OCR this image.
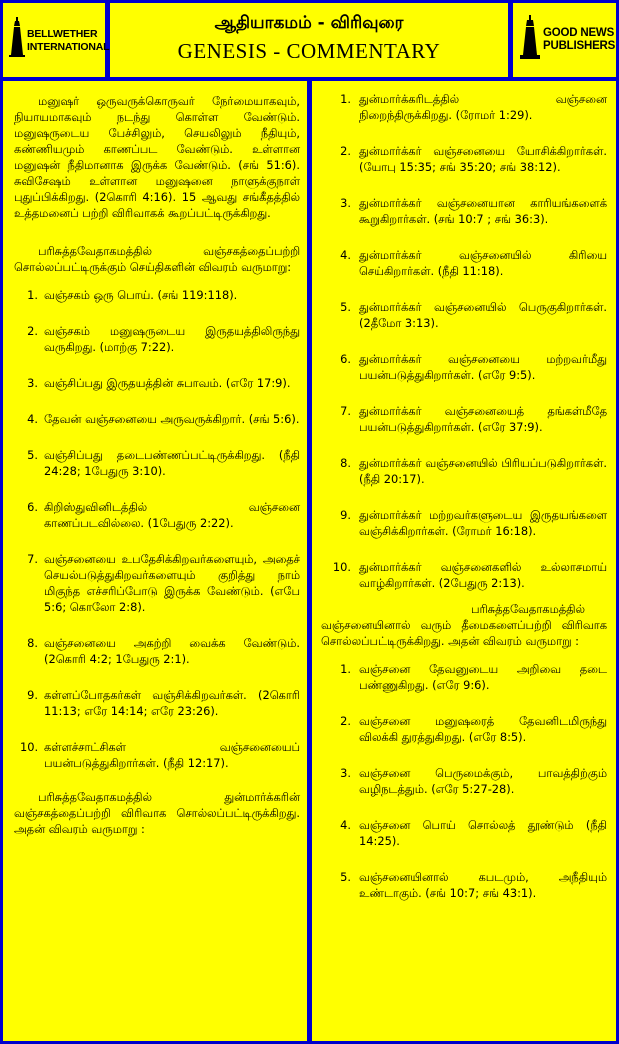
BELLWETHER INTERNATIONAL
ஆதியாகமம் - விரிவுரை
GENESIS - COMMENTARY
GOOD NEWS PUBLISHERS

மனுஷர் ஒருவருக்கொருவர் நேர்மையாகவும், நியாயமாகவும் நடந்து கொள்ள வேண்டும். மனுஷருடைய பேச்சிலும், செயலிலும் நீதியும், கண்ணியமும் காணப்பட வேண்டும். உள்ளான மனுஷன் நீதிமானாக இருக்க வேண்டும். (சங் 51:6). சுவிசேஷம் உள்ளான மனுஷனை நாளுக்குநாள் புதுப்பிக்கிறது. (2கொரி 4:16). 15 ஆவது சங்கீதத்தில் உத்தமனைப் பற்றி விரிவாகக் கூறப்பட்டிருக்கிறது.

பரிசுத்தவேதாகமத்தில் வஞ்சகத்தைப்பற்றி சொல்லப்பட்டிருக்கும் செய்திகளின் விவரம் வருமாறு:

1. வஞ்சகம் ஒரு பொய். (சங் 119:118).
2. வஞ்சகம் மனுஷருடைய இருதயத்திலிருந்து வருகிறது. (மாற்கு 7:22).
3. வஞ்சிப்பது இருதயத்தின் சுபாவம். (எரே 17:9).
4. தேவன் வஞ்சனையை அருவருக்கிறார். (சங் 5:6).
5. வஞ்சிப்பது தடைபண்ணப்பட்டிருக்கிறது. (நீதி 24:28; 1பேதுரு 3:10).
6. கிறிஸ்துவினிடத்தில் வஞ்சனை காணப்படவில்லை. (1பேதுரு 2:22).
7. வஞ்சனையை உபதேசிக்கிறவர்களையும், அதைச் செயல்படுத்துகிறவர்களையும் குறித்து நாம் மிகுந்த எச்சரிப்போடு இருக்க வேண்டும். (எபே 5:6; கொலோ 2:8).
8. வஞ்சனையை அகற்றி வைக்க வேண்டும். (2கொரி 4:2; 1பேதுரு 2:1).
9. கள்ளப்போதகர்கள் வஞ்சிக்கிறவர்கள். (2கொரி 11:13; எரே 14:14; எரே 23:26).
10. கள்ளச்சாட்சிகள் வஞ்சனையைப் பயன்படுத்துகிறார்கள். (நீதி 12:17).

பரிசுத்தவேதாகமத்தில் துன்மார்க்கரின் வஞ்சகத்தைப்பற்றி விரிவாக சொல்லப்பட்டிருக்கிறது. அதன் விவரம் வருமாறு :

1. துன்மார்க்கரிடத்தில் வஞ்சனை நிறைந்திருக்கிறது. (ரோமர் 1:29).
2. துன்மார்க்கர் வஞ்சனையை யோசிக்கிறார்கள். (யோபு 15:35; சங் 35:20; சங் 38:12).
3. துன்மார்க்கர் வஞ்சனையான காரியங்களைக் கூறுகிறார்கள். (சங் 10:7 ; சங் 36:3).
4. துன்மார்க்கர் வஞ்சனையில் கிரியை செய்கிறார்கள். (நீதி 11:18).
5. துன்மார்க்கர் வஞ்சனையில் பெருகுகிறார்கள். (2தீமோ 3:13).
6. துன்மார்க்கர் வஞ்சனையை மற்றவர்மீது பயன்படுத்துகிறார்கள். (எரே 9:5).
7. துன்மார்க்கர் வஞ்சனையைத் தங்கள்மீதே பயன்படுத்துகிறார்கள். (எரே 37:9).
8. துன்மார்க்கர் வஞ்சனையில் பிரியப்படுகிறார்கள். (நீதி 20:17).
9. துன்மார்க்கர் மற்றவர்களுடைய இருதயங்களை வஞ்சிக்கிறார்கள். (ரோமர் 16:18).
10. துன்மார்க்கர் வஞ்சனைகளில் உல்லாசமாய் வாழ்கிறார்கள். (2பேதுரு 2:13).

பரிசுத்தவேதாகமத்தில் வஞ்சனையினால் வரும் தீமைகளைப்பற்றி விரிவாக சொல்லப்பட்டிருக்கிறது. அதன் விவரம் வருமாறு :

1. வஞ்சனை தேவனுடைய அறிவை தடை பண்ணுகிறது. (எரே 9:6).
2. வஞ்சனை மனுஷரைத் தேவனிடமிருந்து விலக்கி துரத்துகிறது. (எரே 8:5).
3. வஞ்சனை பெருமைக்கும், பாவத்திற்கும் வழிநடத்தும். (எரே 5:27-28).
4. வஞ்சனை பொய் சொல்லத் தூண்டும் (நீதி 14:25).
5. வஞ்சனையினால் கபடமும், அநீதியும் உண்டாகும். (சங் 10:7; சங் 43:1).
